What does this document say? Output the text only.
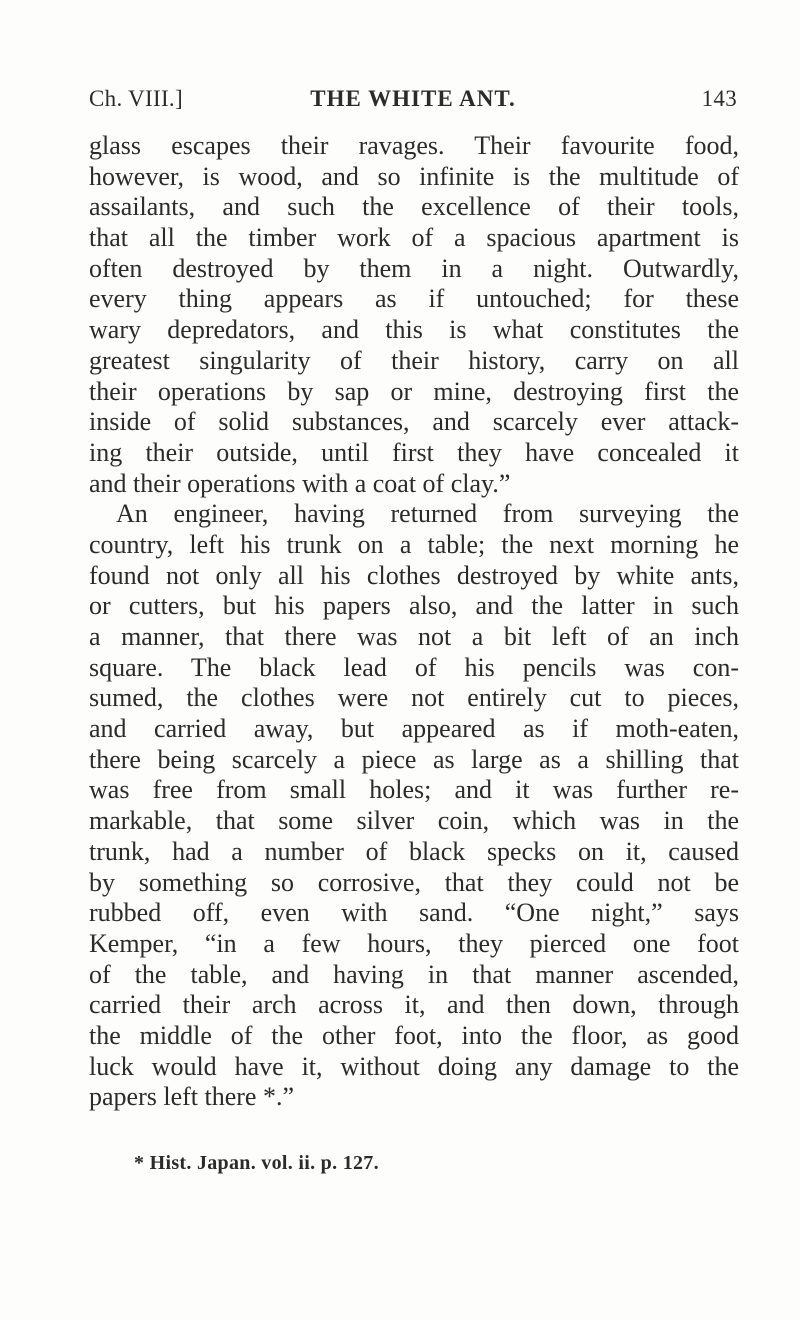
Ch. VIII.]	THE WHITE ANT.	143
glass escapes their ravages. Their favourite food,
however, is wood, and so infinite is the multitude of
assailants, and such the excellence of their tools,
that all the timber work of a spacious apartment is
often destroyed by them in a night. Outwardly,
every thing appears as if untouched; for these
wary depredators, and this is what constitutes the
greatest singularity of their history, carry on all
their operations by sap or mine, destroying first the
inside of solid substances, and scarcely ever attack-
ing their outside, until first they have concealed it
and their operations with a coat of clay.”
An engineer, having returned from surveying the
country, left his trunk on a table; the next morning he
found not only all his clothes destroyed by white ants,
or cutters, but his papers also, and the latter in such
a manner, that there was not a bit left of an inch
square. The black lead of his pencils was con-
sumed, the clothes were not entirely cut to pieces,
and carried away, but appeared as if moth-eaten,
there being scarcely a piece as large as a shilling that
was free from small holes; and it was further re-
markable, that some silver coin, which was in the
trunk, had a number of black specks on it, caused
by something so corrosive, that they could not be
rubbed off, even with sand. “One night,” says
Kemper, “in a few hours, they pierced one foot
of the table, and having in that manner ascended,
carried their arch across it, and then down, through
the middle of the other foot, into the floor, as good
luck would have it, without doing any damage to the
papers left there *.”
* Hist. Japan. vol. ii. p. 127.
